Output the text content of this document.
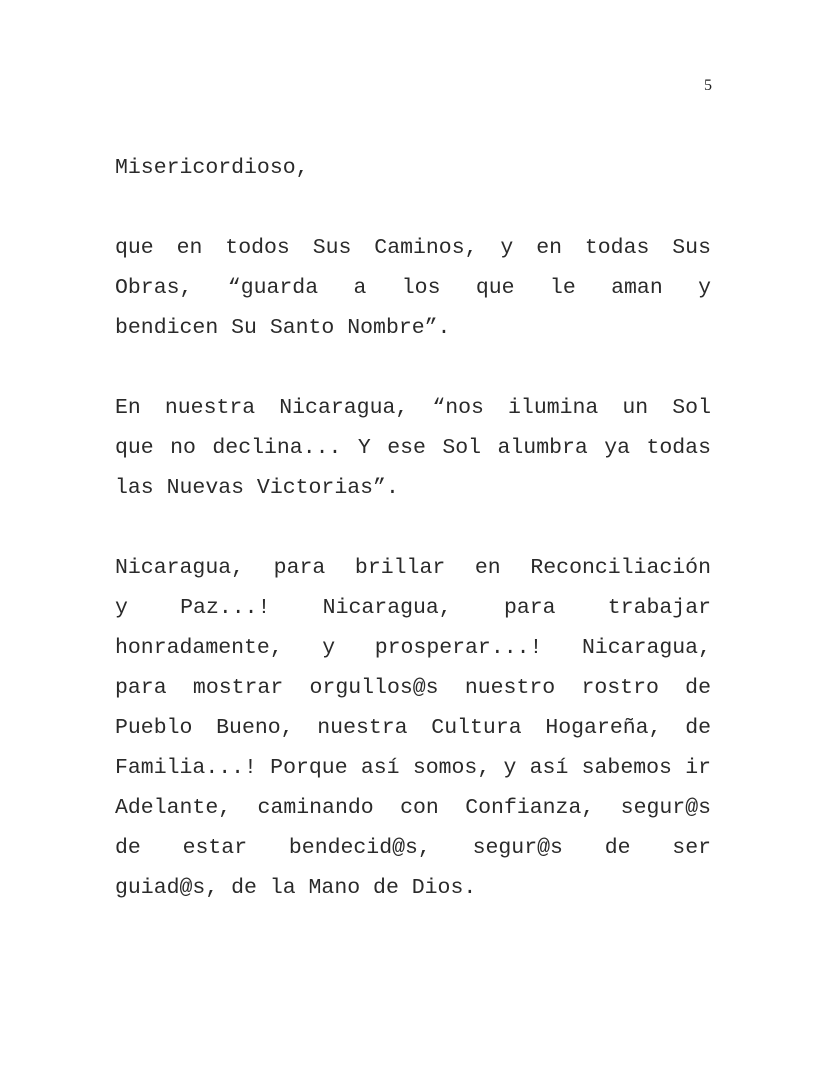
5

Misericordioso,

que en todos Sus Caminos, y en todas Sus
Obras, “guarda a los que le aman y
bendicen Su Santo Nombre”.

En nuestra Nicaragua, “nos ilumina un Sol
que no declina... Y ese Sol alumbra ya todas
las Nuevas Victorias”.

Nicaragua, para brillar en Reconciliación
y Paz...! Nicaragua, para trabajar
honradamente, y prosperar...! Nicaragua,
para mostrar orgullos@s nuestro rostro de
Pueblo Bueno, nuestra Cultura Hogareña, de
Familia...! Porque así somos, y así sabemos ir
Adelante, caminando con Confianza, segur@s
de estar bendecid@s, segur@s de ser
guiad@s, de la Mano de Dios.
